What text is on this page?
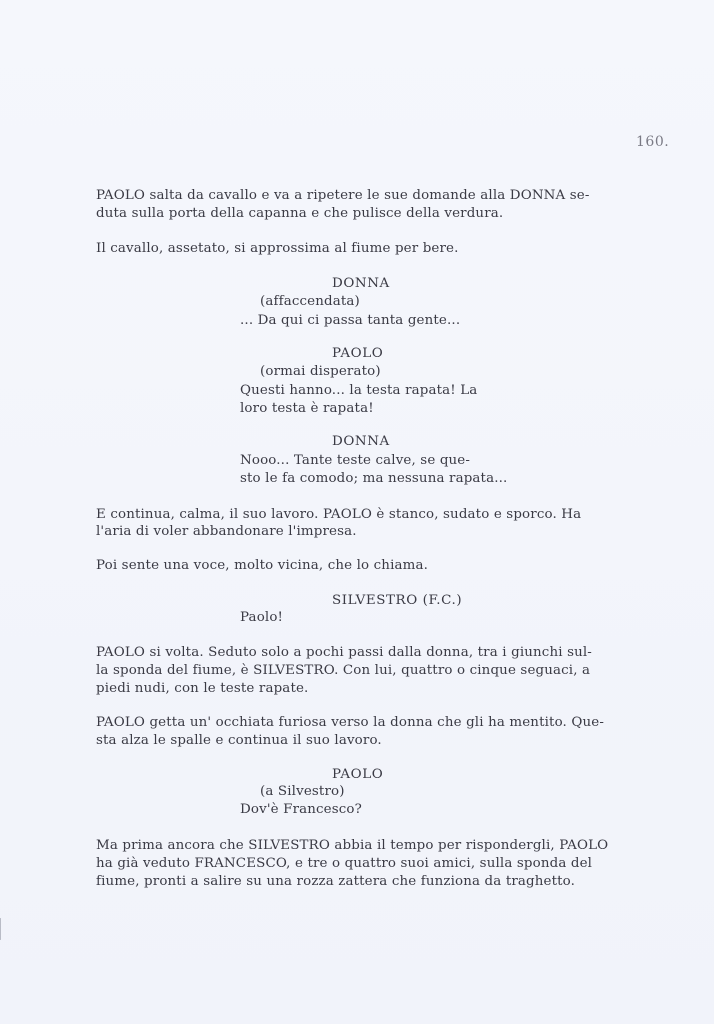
160.
PAOLO salta da cavallo e va a ripetere le sue domande alla DONNA se-
duta sulla porta della capanna e che pulisce della verdura.
Il cavallo, assetato, si approssima al fiume per bere.
DONNA
(affaccendata)
... Da qui ci passa tanta gente...
PAOLO
(ormai disperato)
Questi hanno... la testa rapata! La
loro testa è rapata!
DONNA
Nooo... Tante teste calve, se que-
sto le fa comodo; ma nessuna rapata...
E continua, calma, il suo lavoro. PAOLO è stanco, sudato e sporco. Ha
l'aria di voler abbandonare l'impresa.
Poi sente una voce, molto vicina, che lo chiama.
SILVESTRO (F.C.)
Paolo!
PAOLO si volta. Seduto solo a pochi passi dalla donna, tra i giunchi sul-
la sponda del fiume, è SILVESTRO. Con lui, quattro o cinque seguaci, a
piedi nudi, con le teste rapate.
PAOLO getta un' occhiata furiosa verso la donna che gli ha mentito. Que-
sta alza le spalle e continua il suo lavoro.
PAOLO
(a Silvestro)
Dov'è Francesco?
Ma prima ancora che SILVESTRO abbia il tempo per rispondergli, PAOLO
ha già veduto FRANCESCO, e tre o quattro suoi amici, sulla sponda del
fiume, pronti a salire su una rozza zattera che funziona da traghetto.
